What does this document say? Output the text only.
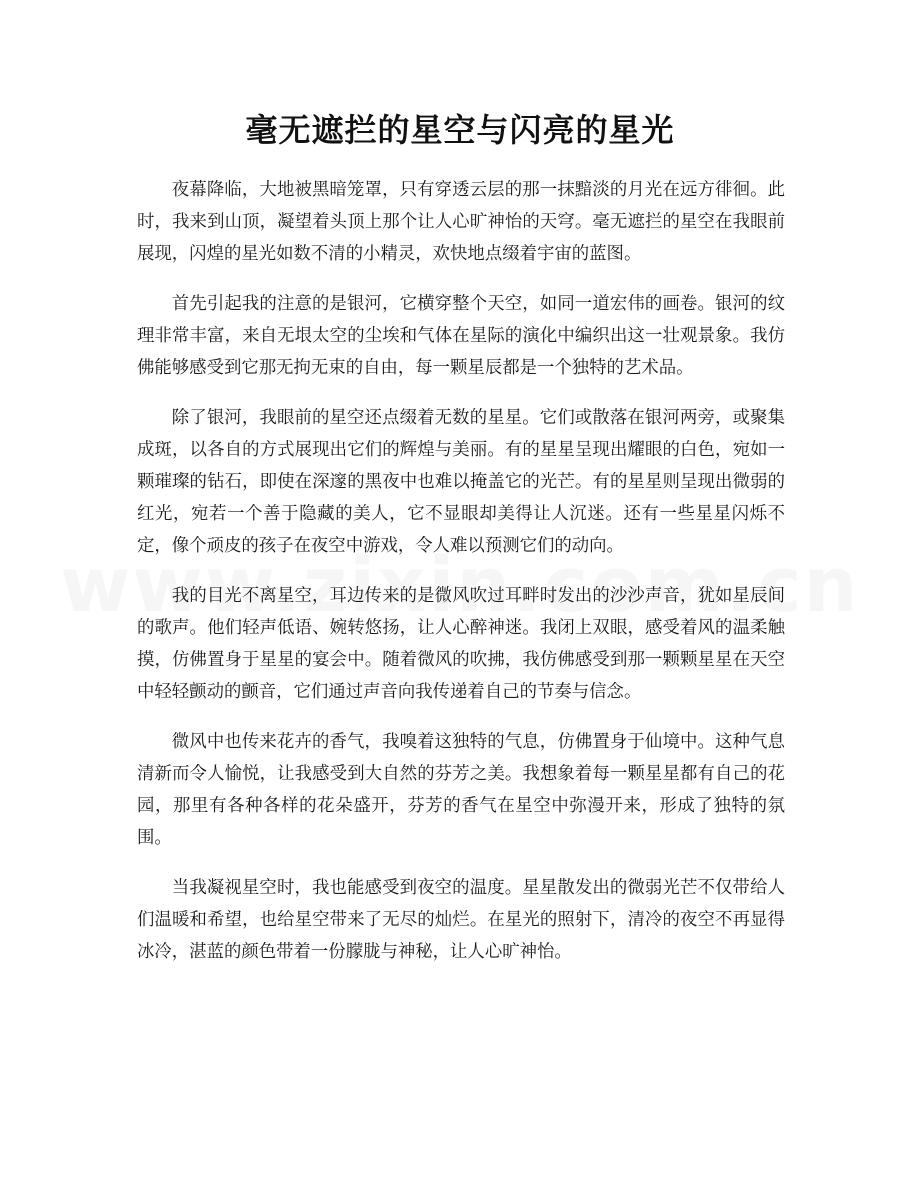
毫无遮拦的星空与闪亮的星光

夜幕降临，大地被黑暗笼罩，只有穿透云层的那一抹黯淡的月光在远方徘徊。此时，我来到山顶，凝望着头顶上那个让人心旷神怡的天穹。毫无遮拦的星空在我眼前展现，闪煌的星光如数不清的小精灵，欢快地点缀着宇宙的蓝图。

首先引起我的注意的是银河，它横穿整个天空，如同一道宏伟的画卷。银河的纹理非常丰富，来自无垠太空的尘埃和气体在星际的演化中编织出这一壮观景象。我仿佛能够感受到它那无拘无束的自由，每一颗星辰都是一个独特的艺术品。

除了银河，我眼前的星空还点缀着无数的星星。它们或散落在银河两旁，或聚集成斑，以各自的方式展现出它们的辉煌与美丽。有的星星呈现出耀眼的白色，宛如一颗璀璨的钻石，即使在深邃的黑夜中也难以掩盖它的光芒。有的星星则呈现出微弱的红光，宛若一个善于隐藏的美人，它不显眼却美得让人沉迷。还有一些星星闪烁不定，像个顽皮的孩子在夜空中游戏，令人难以预测它们的动向。

我的目光不离星空，耳边传来的是微风吹过耳畔时发出的沙沙声音，犹如星辰间的歌声。他们轻声低语、婉转悠扬，让人心醉神迷。我闭上双眼，感受着风的温柔触摸，仿佛置身于星星的宴会中。随着微风的吹拂，我仿佛感受到那一颗颗星星在天空中轻轻颤动的颤音，它们通过声音向我传递着自己的节奏与信念。

微风中也传来花卉的香气，我嗅着这独特的气息，仿佛置身于仙境中。这种气息清新而令人愉悦，让我感受到大自然的芬芳之美。我想象着每一颗星星都有自己的花园，那里有各种各样的花朵盛开，芬芳的香气在星空中弥漫开来，形成了独特的氛围。

当我凝视星空时，我也能感受到夜空的温度。星星散发出的微弱光芒不仅带给人们温暖和希望，也给星空带来了无尽的灿烂。在星光的照射下，清冷的夜空不再显得冰冷，湛蓝的颜色带着一份朦胧与神秘，让人心旷神怡。
